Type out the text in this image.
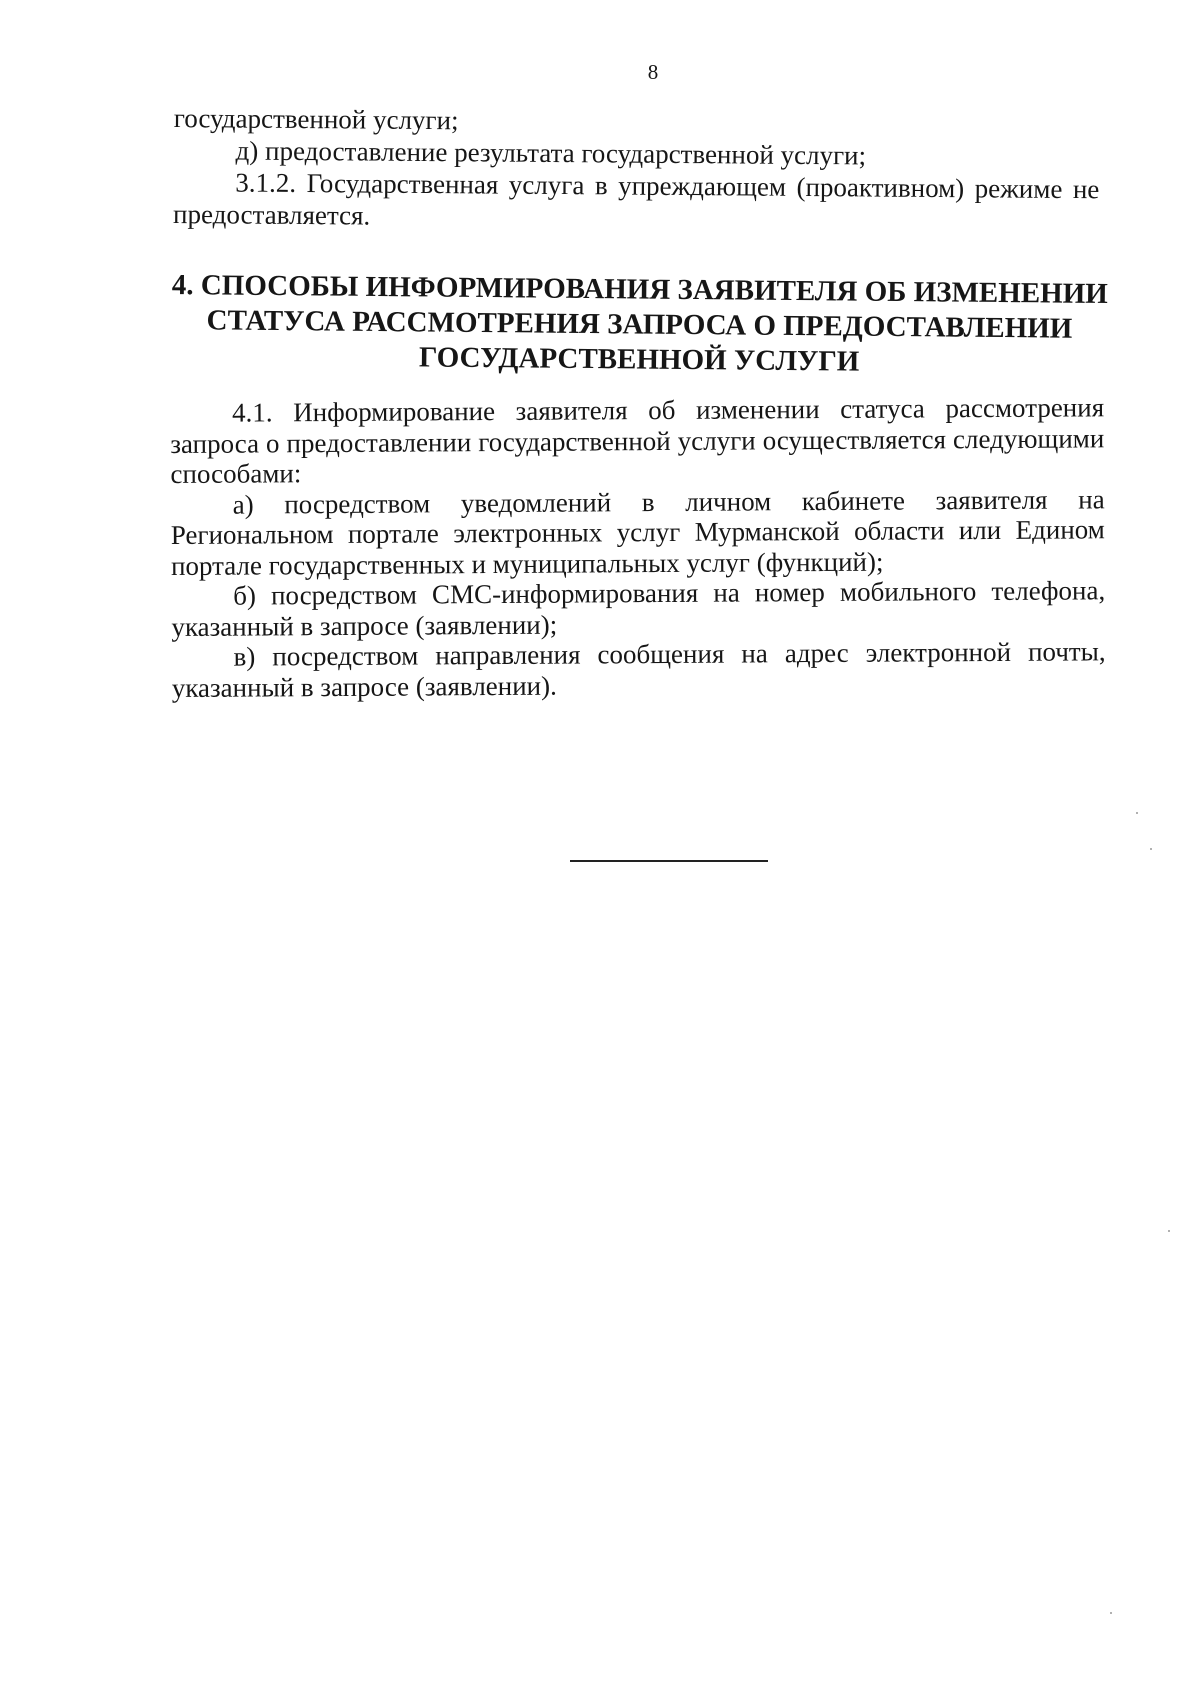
8

государственной услуги;

д) предоставление результата государственной услуги;

3.1.2. Государственная услуга в упреждающем (проактивном) режиме не предоставляется.

4. СПОСОБЫ ИНФОРМИРОВАНИЯ ЗАЯВИТЕЛЯ ОБ ИЗМЕНЕНИИ
СТАТУСА РАССМОТРЕНИЯ ЗАПРОСА О ПРЕДОСТАВЛЕНИИ
ГОСУДАРСТВЕННОЙ УСЛУГИ

4.1. Информирование заявителя об изменении статуса рассмотрения запроса о предоставлении государственной услуги осуществляется следующими способами:

а) посредством уведомлений в личном кабинете заявителя на Региональном портале электронных услуг Мурманской области или Едином портале государственных и муниципальных услуг (функций);

б) посредством СМС-информирования на номер мобильного телефона, указанный в запросе (заявлении);

в) посредством направления сообщения на адрес электронной почты, указанный в запросе (заявлении).
